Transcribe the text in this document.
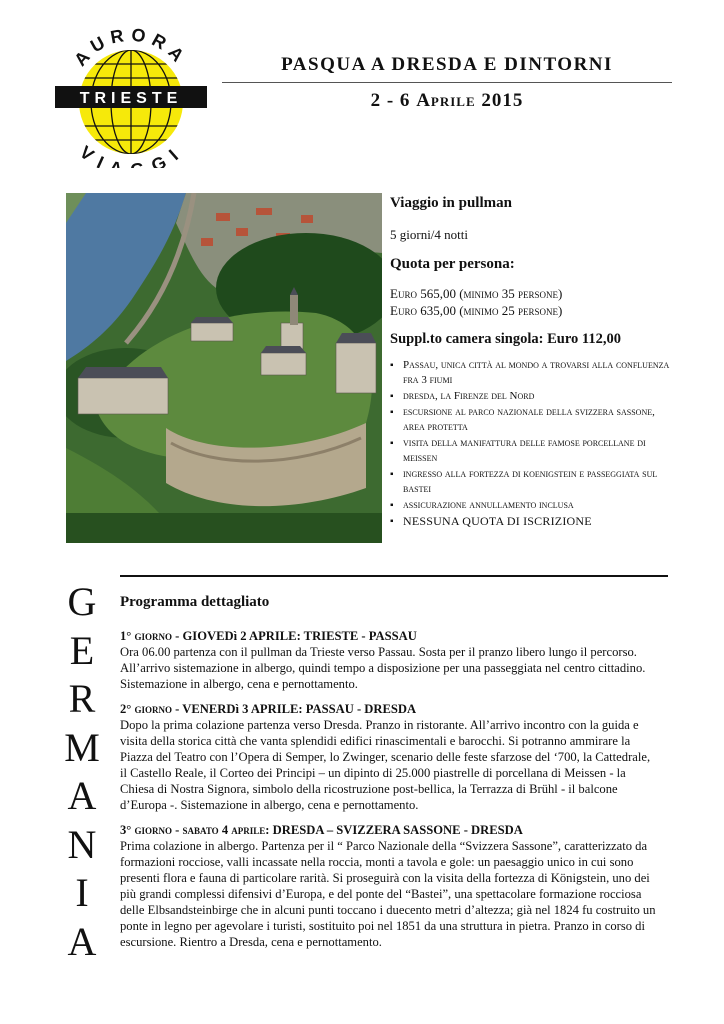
TRIESTE
AURORA
VI GI
PASQUA A DRESDA E DINTORNI
2 - 6 Aprile 2015

Viaggio in pullman

5 giorni/4 notti

Quota per persona:

Euro 565,00 (minimo 35 persone)

Euro 635,00 (minimo 25 persone)

Suppl.to camera singola: Euro 112,00

▪ Passau, unica città al mondo a trovarsi alla confluenza fra 3 fiumi
▪ dresda, la Firenze del Nord
▪ escursione al parco nazionale della svizzera sassone, area protetta
▪ visita della manifattura delle famose porcellane di meissen
▪ ingresso alla fortezza di koenigstein e passeggiata sul bastei
▪ assicurazione annullamento inclusa
▪ NESSUNA QUOTA DI ISCRIZIONE
G
E
R
M
A
N
I
A
Programma dettagliato
1° giorno - GIOVEDì 2 APRILE: TRIESTE - PASSAU
Ora 06.00 partenza con il pullman da Trieste verso Passau. Sosta per il pranzo libero lungo il percorso. All’arrivo sistemazione in albergo, quindi tempo a disposizione per una passeggiata nel centro cittadino. Sistemazione in albergo, cena e pernottamento.
2° giorno - VENERDì 3 APRILE: PASSAU - DRESDA
Dopo la prima colazione partenza verso Dresda. Pranzo in ristorante. All’arrivo incontro con la guida e visita della storica città che vanta splendidi edifici rinascimentali e barocchi. Si potranno ammirare la Piazza del Teatro con l’Opera di Semper, lo Zwinger, scenario delle feste sfarzose del ‘700, la Cattedrale, il Castello Reale, il Corteo dei Principi – un dipinto di 25.000 piastrelle di porcellana di Meissen - la Chiesa di Nostra Signora, simbolo della ricostruzione post-bellica, la Terrazza di Brühl - il balcone d’Europa -. Sistemazione in albergo, cena e pernottamento.
3° giorno - sabato 4 aprile: DRESDA – SVIZZERA SASSONE - DRESDA
Prima colazione in albergo. Partenza per il “ Parco Nazionale della “Svizzera Sassone”, caratterizzato da formazioni rocciose, valli incassate nella roccia, monti a tavola e gole: un paesaggio unico in cui sono presenti flora e fauna di particolare rarità. Si proseguirà con la visita della fortezza di Königstein, uno dei più grandi complessi difensivi d’Europa, e del ponte del “Bastei”, una spettacolare formazione rocciosa delle Elbsandsteinbirge che in alcuni punti toccano i duecento metri d’altezza; già nel 1824 fu costruito un ponte in legno per agevolare i turisti, sostituito poi nel 1851 da una struttura in pietra. Pranzo in corso di escursione. Rientro a Dresda, cena e pernottamento.
